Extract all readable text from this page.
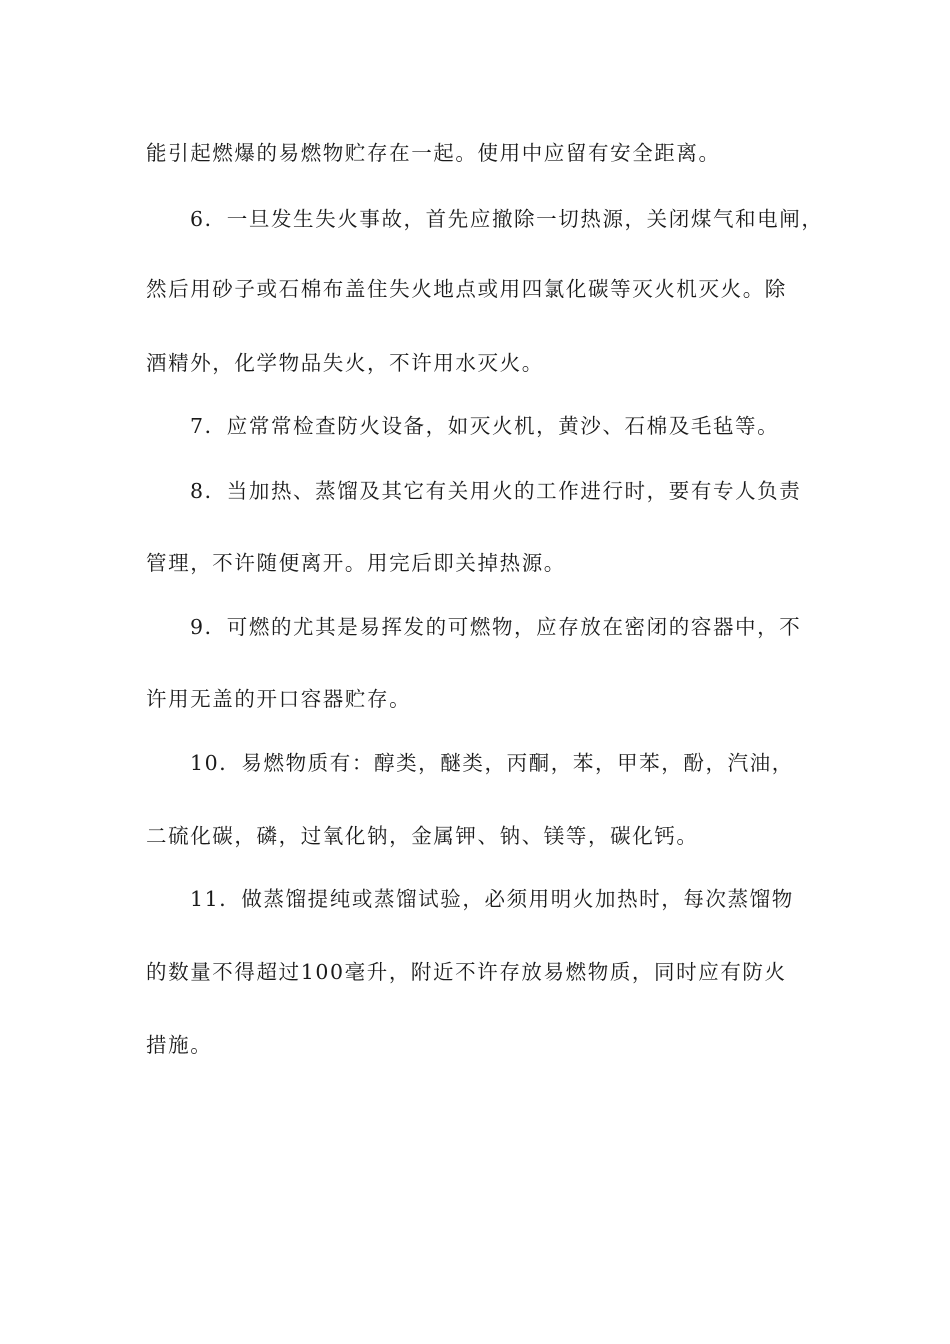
能引起燃爆的易燃物贮存在一起。使用中应留有安全距离。
6．一旦发生失火事故，首先应撤除一切热源，关闭煤气和电闸，
然后用砂子或石棉布盖住失火地点或用四氯化碳等灭火机灭火。除
酒精外，化学物品失火，不许用水灭火。
7．应常常检查防火设备，如灭火机，黄沙、石棉及毛毡等。
8．当加热、蒸馏及其它有关用火的工作进行时，要有专人负责
管理，不许随便离开。用完后即关掉热源。
9．可燃的尤其是易挥发的可燃物，应存放在密闭的容器中，不
许用无盖的开口容器贮存。
10．易燃物质有：醇类，醚类，丙酮，苯，甲苯，酚，汽油，
二硫化碳，磷，过氧化钠，金属钾、钠、镁等，碳化钙。
11．做蒸馏提纯或蒸馏试验，必须用明火加热时，每次蒸馏物
的数量不得超过100毫升，附近不许存放易燃物质，同时应有防火
措施。
